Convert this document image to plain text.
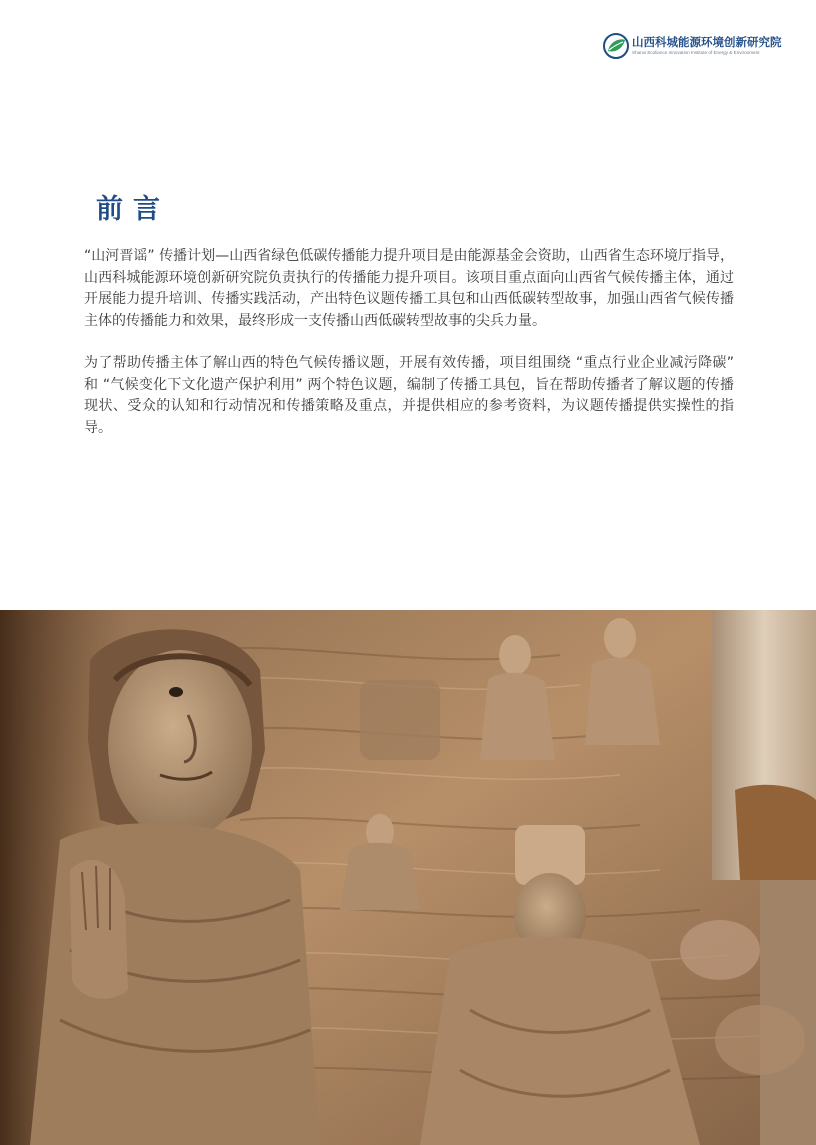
山西科城能源环境创新研究院
Shanxi Ecoliance Innovation Institute of Energy & Environment
前言

“山河晋谣” 传播计划—山西省绿色低碳传播能力提升项目是由能源基金会资助，山西省生态环境厅指导，山西科城能源环境创新研究院负责执行的传播能力提升项目。该项目重点面向山西省气候传播主体，通过开展能力提升培训、传播实践活动，产出特色议题传播工具包和山西低碳转型故事，加强山西省气候传播主体的传播能力和效果，最终形成一支传播山西低碳转型故事的尖兵力量。

为了帮助传播主体了解山西的特色气候传播议题，开展有效传播，项目组围绕 “重点行业企业减污降碳” 和 “气候变化下文化遗产保护利用” 两个特色议题，编制了传播工具包，旨在帮助传播者了解议题的传播现状、受众的认知和行动情况和传播策略及重点，并提供相应的参考资料，为议题传播提供实操性的指导。
